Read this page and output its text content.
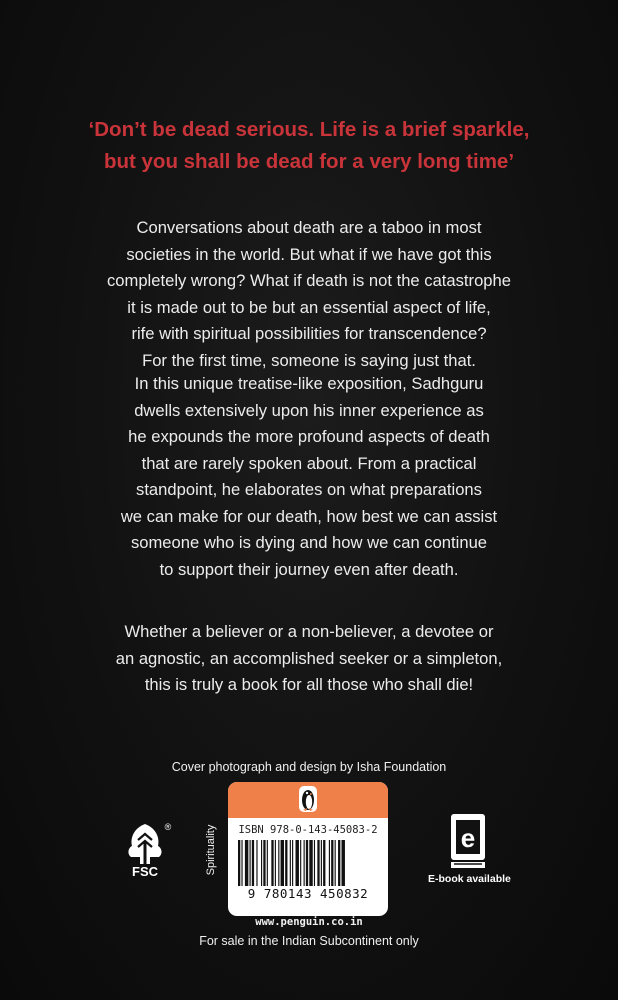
‘Don’t be dead serious. Life is a brief sparkle,
but you shall be dead for a very long time’
Conversations about death are a taboo in most
societies in the world. But what if we have got this
completely wrong? What if death is not the catastrophe
it is made out to be but an essential aspect of life,
rife with spiritual possibilities for transcendence?
For the first time, someone is saying just that.
In this unique treatise-like exposition, Sadhguru
dwells extensively upon his inner experience as
he expounds the more profound aspects of death
that are rarely spoken about. From a practical
standpoint, he elaborates on what preparations
we can make for our death, how best we can assist
someone who is dying and how we can continue
to support their journey even after death.
Whether a believer or a non-believer, a devotee or
an agnostic, an accomplished seeker or a simpleton,
this is truly a book for all those who shall die!
Cover photograph and design by Isha Foundation
®
FSC	Spirituality	ISBN 978-0-143-45083-2
9 780143 450832
www.penguin.co.in
For sale in the Indian Subcontinent only
e
E-book available
